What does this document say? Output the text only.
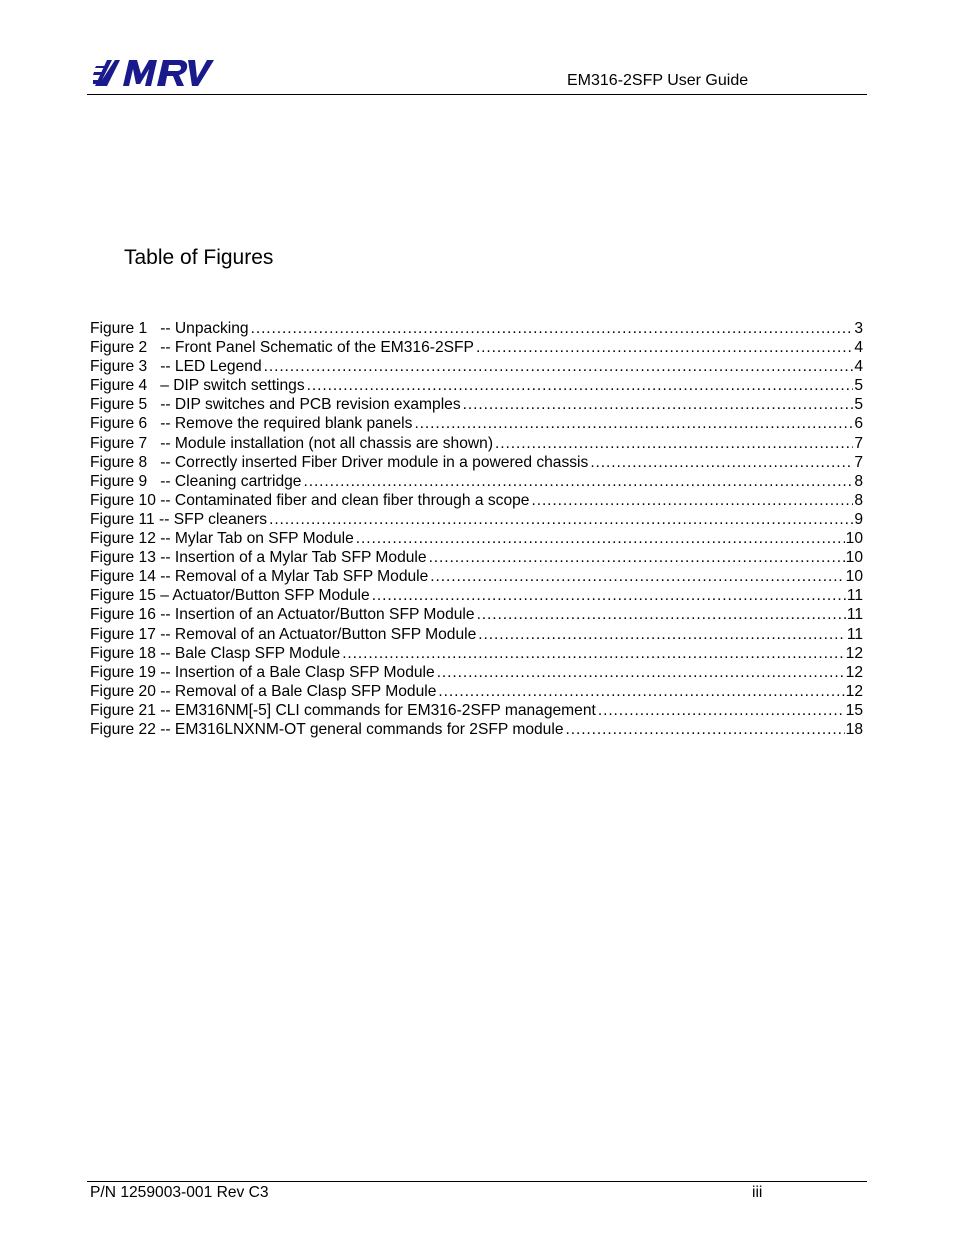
EM316-2SFP User Guide
Table of Figures
Figure 1   -- Unpacking .....	3
Figure 2   -- Front Panel Schematic of the EM316-2SFP .....	4
Figure 3   -- LED Legend .....	4
Figure 4   – DIP switch settings .....	5
Figure 5   -- DIP switches and PCB revision examples .....	5
Figure 6   -- Remove the required blank panels .....	6
Figure 7   -- Module installation (not all chassis are shown) .....	7
Figure 8   -- Correctly inserted Fiber Driver module in a powered chassis .....	7
Figure 9   -- Cleaning cartridge .....	8
Figure 10 -- Contaminated fiber and clean fiber through a scope .....	8
Figure 11 -- SFP cleaners .....	9
Figure 12 -- Mylar Tab on SFP Module .....	10
Figure 13 -- Insertion of a Mylar Tab SFP Module .....	10
Figure 14 -- Removal of a Mylar Tab SFP Module .....	10
Figure 15 – Actuator/Button SFP Module .....	11
Figure 16 -- Insertion of an Actuator/Button SFP Module .....	11
Figure 17 -- Removal of an Actuator/Button SFP Module .....	11
Figure 18 -- Bale Clasp SFP Module .....	12
Figure 19 -- Insertion of a Bale Clasp SFP Module .....	12
Figure 20 -- Removal of a Bale Clasp SFP Module .....	12
Figure 21 -- EM316NM[-5] CLI commands for EM316-2SFP management .....	15
Figure 22 -- EM316LNXNM-OT general commands for 2SFP module .....	18
P/N 1259003-001 Rev C3	iii
